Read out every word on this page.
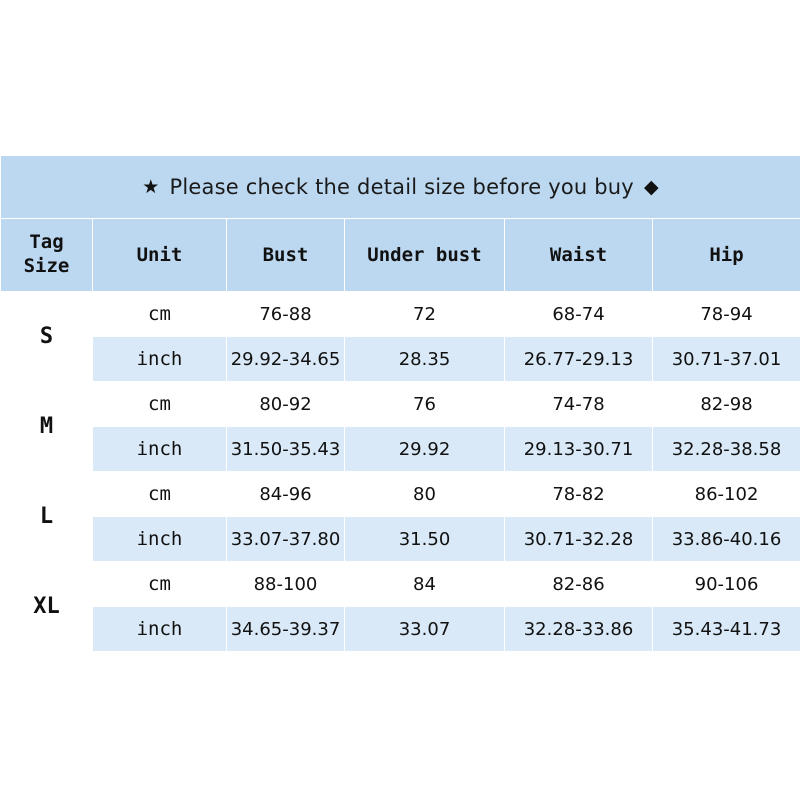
★ Please check the detail size before you buy ◆					

Tag
Size	Unit	Bust	Under bust	Waist	Hip
S	cm	76-88	72	68-74	78-94
	inch	29.92-34.65	28.35	26.77-29.13	30.71-37.01
M	cm	80-92	76	74-78	82-98
	inch	31.50-35.43	29.92	29.13-30.71	32.28-38.58
L	cm	84-96	80	78-82	86-102
	inch	33.07-37.80	31.50	30.71-32.28	33.86-40.16
XL	cm	88-100	84	82-86	90-106
	inch	34.65-39.37	33.07	32.28-33.86	35.43-41.73
